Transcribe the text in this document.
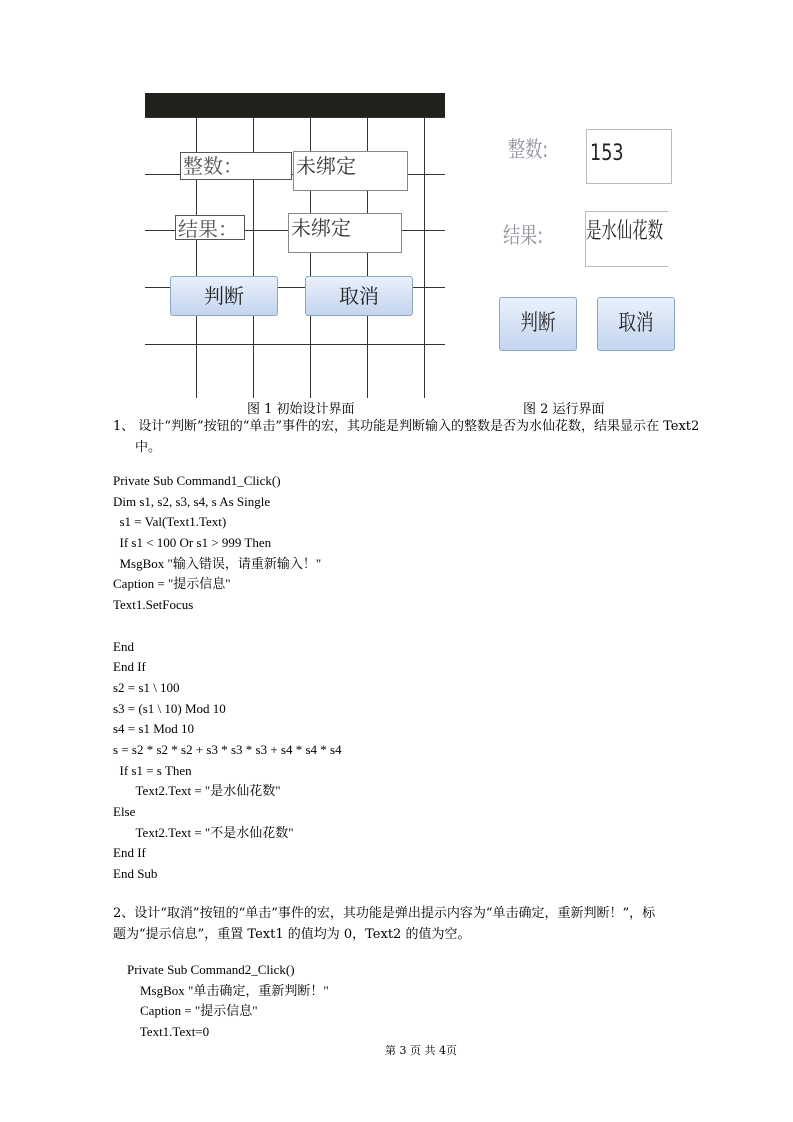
整数：	未绑定
结果：	未绑定
判断	取消
图 1 初始设计界面
整数: 153
结果: 是水仙花数
判断	取消
图 2 运行界面
1、 设计“判断”按钮的“单击”事件的宏，其功能是判断输入的整数是否为水仙花数，结果显示在 Text2
中。
Private Sub Command1_Click()
Dim s1, s2, s3, s4, s As Single
s1 = Val(Text1.Text)
If s1 < 100 Or s1 > 999 Then
MsgBox "输入错误，请重新输入！"
Caption = "提示信息"
Text1.SetFocus
End
End If
s2 = s1 \ 100
s3 = (s1 \ 10) Mod 10
s4 = s1 Mod 10
s = s2 * s2 * s2 + s3 * s3 * s3 + s4 * s4 * s4
If s1 = s Then
Text2.Text = "是水仙花数"
Else
Text2.Text = "不是水仙花数"
End If
End Sub
2、设计“取消”按钮的“单击”事件的宏，其功能是弹出提示内容为“单击确定，重新判断！”，标
题为“提示信息”，重置 Text1 的值均为 0，Text2 的值为空。
Private Sub Command2_Click()
MsgBox "单击确定，重新判断！"
Caption = "提示信息"
Text1.Text=0
第 3 页 共 4页
